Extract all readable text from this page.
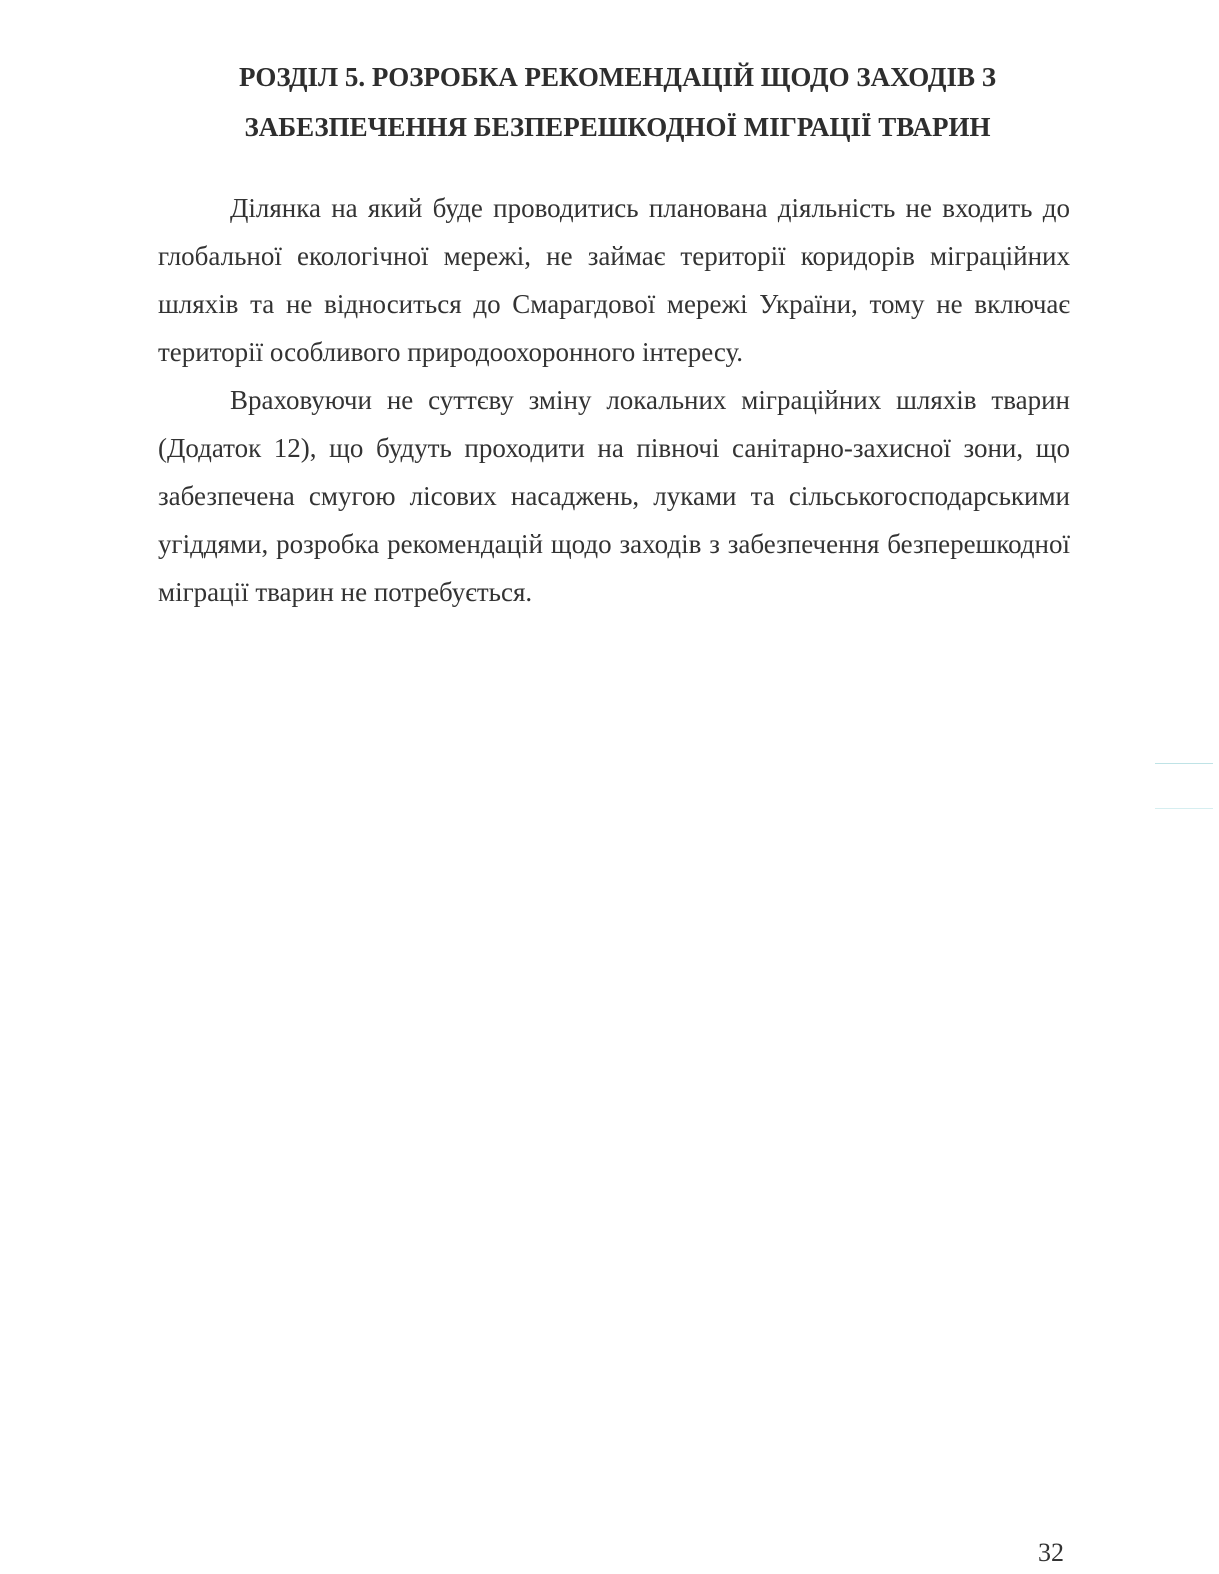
РОЗДІЛ 5. РОЗРОБКА РЕКОМЕНДАЦІЙ ЩОДО ЗАХОДІВ З
ЗАБЕЗПЕЧЕННЯ БЕЗПЕРЕШКОДНОЇ МІГРАЦІЇ ТВАРИН

Ділянка на який буде проводитись планована діяльність не входить до глобальної екологічної мережі, не займає території коридорів міграційних шляхів та не відноситься до Смарагдової мережі України, тому не включає території особливого природоохоронного інтересу.

Враховуючи не суттєву зміну локальних міграційних шляхів тварин (Додаток 12), що будуть проходити на півночі санітарно-захисної зони, що забезпечена смугою лісових насаджень, луками та сільськогосподарськими угіддями, розробка рекомендацій щодо заходів з забезпечення безперешкодної міграції тварин не потребується.

32
